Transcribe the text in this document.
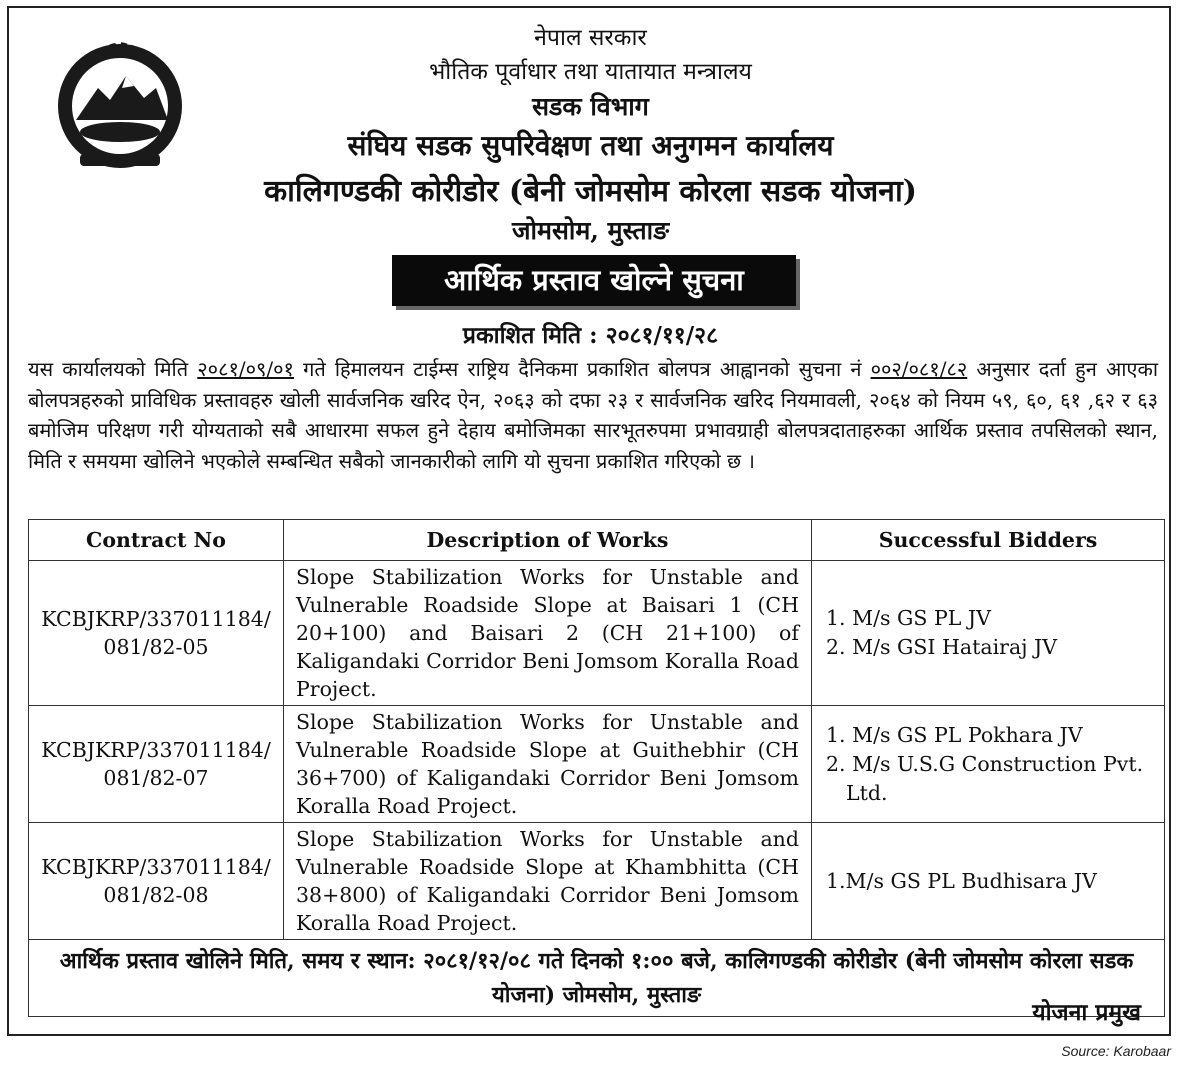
नेपाल सरकार
भौतिक पूर्वाधार तथा यातायात मन्त्रालय
सडक विभाग
संघिय सडक सुपरिवेक्षण तथा अनुगमन कार्यालय
कालिगण्डकी कोरीडोर (बेनी जोमसोम कोरला सडक योजना)
जोमसोम, मुस्ताङ
आर्थिक प्रस्ताव खोल्ने सुचना
प्रकाशित मिति : २०८१/११/२८
यस कार्यालयको मिति २०८१/०९/०१ गते हिमालयन टाईम्स राष्ट्रिय दैनिकमा प्रकाशित बोलपत्र आह्वानको सुचना नं ००२/०८१/८२ अनुसार दर्ता हुन आएका बोलपत्रहरुको प्राविधिक प्रस्तावहरु खोली सार्वजनिक खरिद ऐन, २०६३ को दफा २३ र सार्वजनिक खरिद नियमावली, २०६४ को नियम ५९, ६०, ६१ ,६२ र ६३ बमोजिम परिक्षण गरी योग्यताको सबै आधारमा सफल हुने देहाय बमोजिमका सारभूतरुपमा प्रभावग्राही बोलपत्रदाताहरुका आर्थिक प्रस्ताव तपसिलको स्थान, मिति र समयमा खोलिने भएकोले सम्बन्धित सबैको जानकारीको लागि यो सुचना प्रकाशित गरिएको छ ।
Contract No	Description of Works	Successful Bidders

KCBJKRP/337011184/
081/82-05	Slope Stabilization Works for Unstable and Vulnerable Roadside Slope at Baisari 1 (CH 20+100) and Baisari 2 (CH 21+100) of Kaligandaki Corridor Beni Jomsom Koralla Road Project.	1. M/s GS PL JV
2. M/s GSI Hatairaj JV

KCBJKRP/337011184/
081/82-07	Slope Stabilization Works for Unstable and Vulnerable Roadside Slope at Guithebhir (CH 36+700) of Kaligandaki Corridor Beni Jomsom Koralla Road Project.	1. M/s GS PL Pokhara JV
2. M/s U.S.G Construction Pvt.
Ltd.

KCBJKRP/337011184/
081/82-08	Slope Stabilization Works for Unstable and Vulnerable Roadside Slope at Khambhitta (CH 38+800) of Kaligandaki Corridor Beni Jomsom Koralla Road Project.	1.M/s GS PL Budhisara JV

आर्थिक प्रस्ताव खोलिने मिति, समय र स्थान: २०८१/१२/०८ गते दिनको १:०० बजे, कालिगण्डकी कोरीडोर (बेनी जोमसोम कोरला सडक योजना) जोमसोम, मुस्ताङ		
योजना प्रमुख
Source: Karobaar
